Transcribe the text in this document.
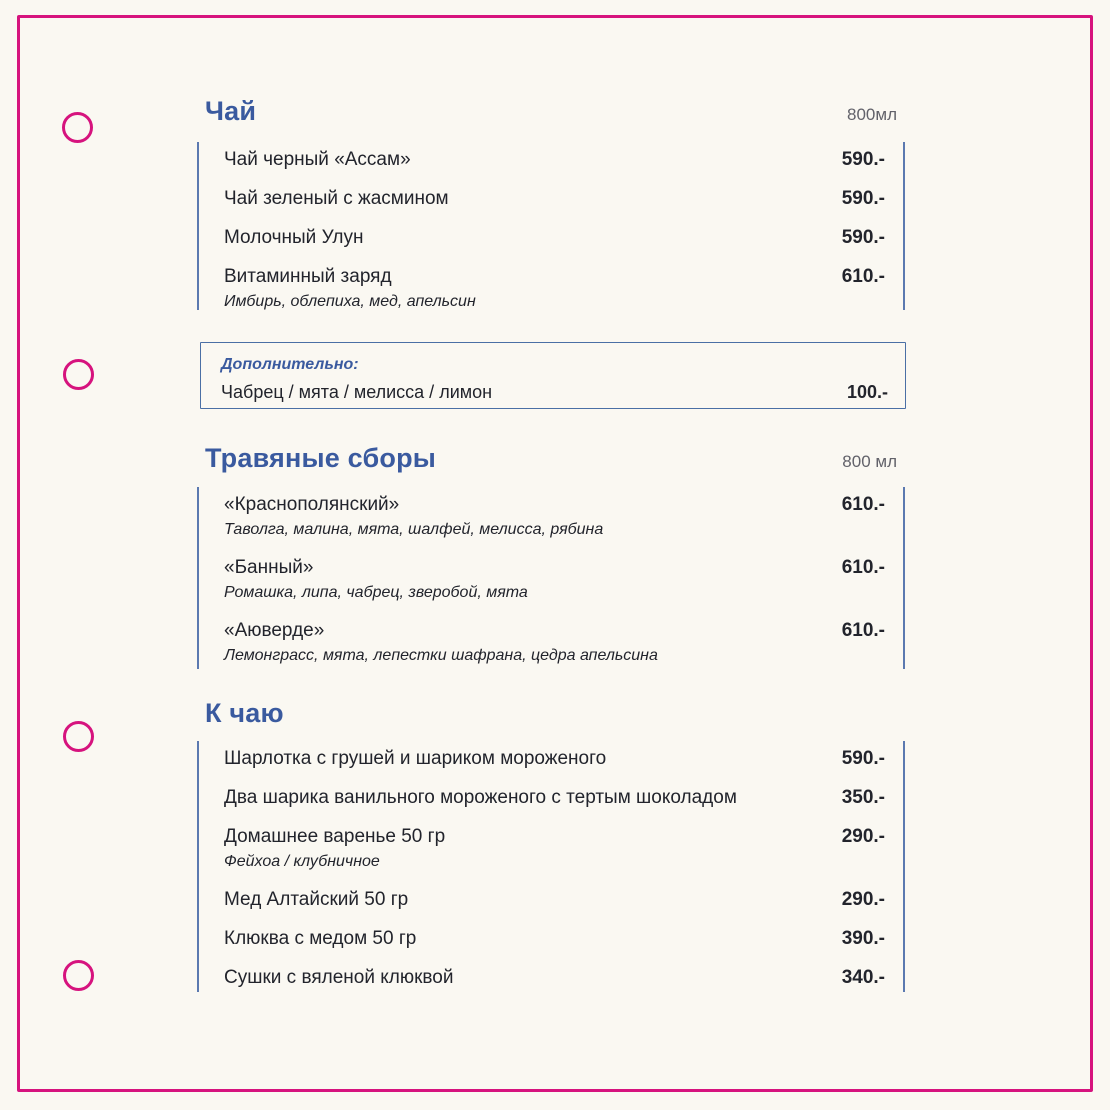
Чай	800мл
Чай черный «Ассам»	590.-
Чай зеленый с жасмином	590.-
Молочный Улун	590.-
Витаминный заряд	610.-
Имбирь, облепиха, мед, апельсин
Дополнительно:
Чабрец / мята / мелисса / лимон	100.-
Травяные сборы	800 мл
«Краснополянский»	610.-
Таволга, малина, мята, шалфей, мелисса, рябина
«Банный»	610.-
Ромашка, липа, чабрец, зверобой, мята
«Аюверде»	610.-
Лемонграсс, мята, лепестки шафрана, цедра апельсина
К чаю
Шарлотка с грушей и шариком мороженого	590.-
Два шарика ванильного мороженого с тертым шоколадом	350.-
Домашнее варенье 50 гр	290.-
Фейхоа / клубничное
Мед Алтайский 50 гр	290.-
Клюква с медом 50 гр	390.-
Сушки с вяленой клюквой	340.-
